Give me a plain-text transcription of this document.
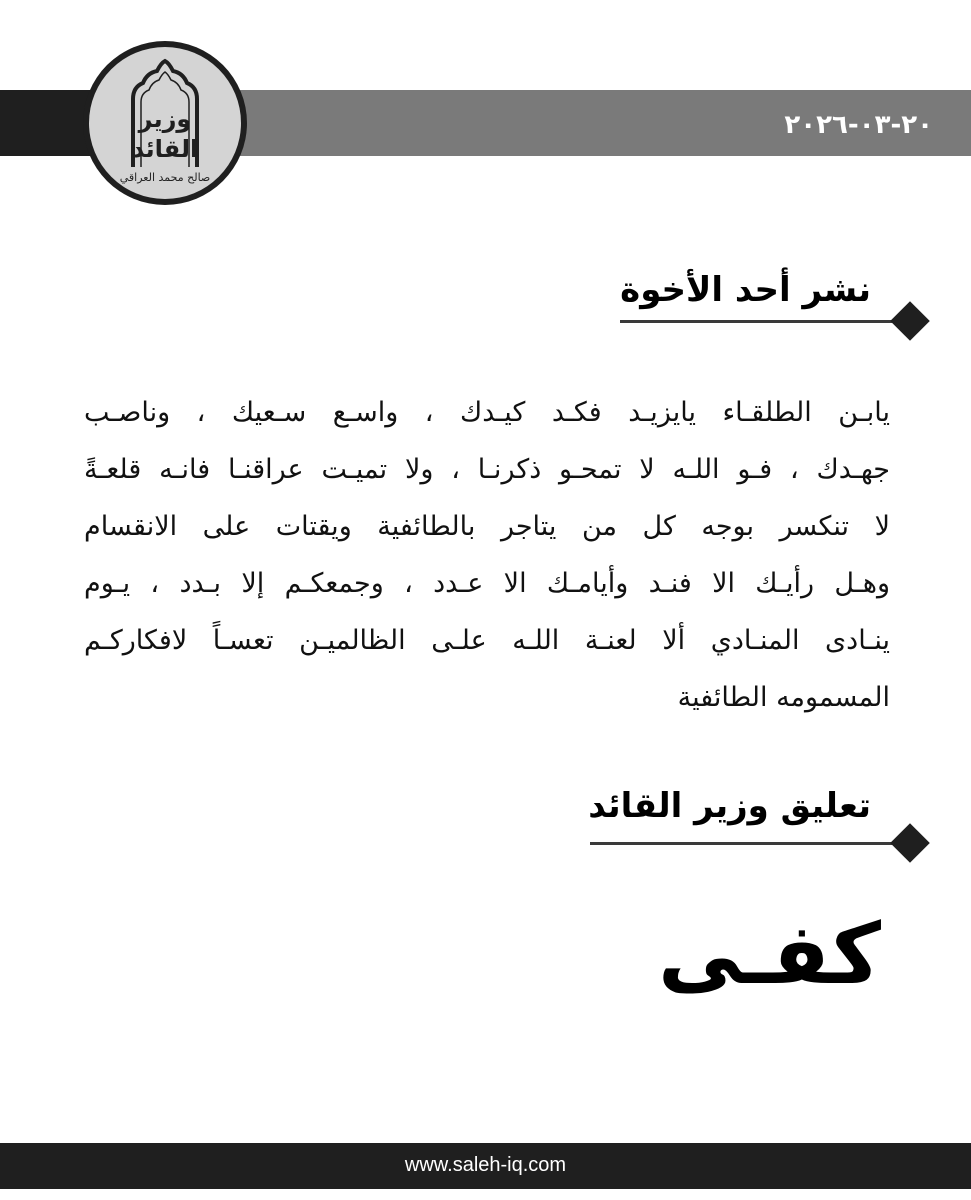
٢٠-٠٣-٢٠٢٦
وزير
القائد
صالح محمد العراقي
نشر أحد الأخوة
يابـن الطلقـاء يايزيـد فكـد كيـدك ، واسـع سـعيك ، وناصـب
جهـدك ، فـو اللـه لا تمحـو ذكرنـا ، ولا تميـت عراقنـا فانـه قلعـةً
لا تنكسر بوجه كل من يتاجر بالطائفية ويقتات على الانقسام
وهـل رأيـك الا فنـد وأيامـك الا عـدد ، وجمعكـم إلا بـدد ، يـوم
ينـادى المنـادي ألا لعنـة اللـه علـى الظالميـن تعسـاً لافكاركـم
المسمومه الطائفية
تعليق وزير القائد
كفـى
www.saleh-iq.com
